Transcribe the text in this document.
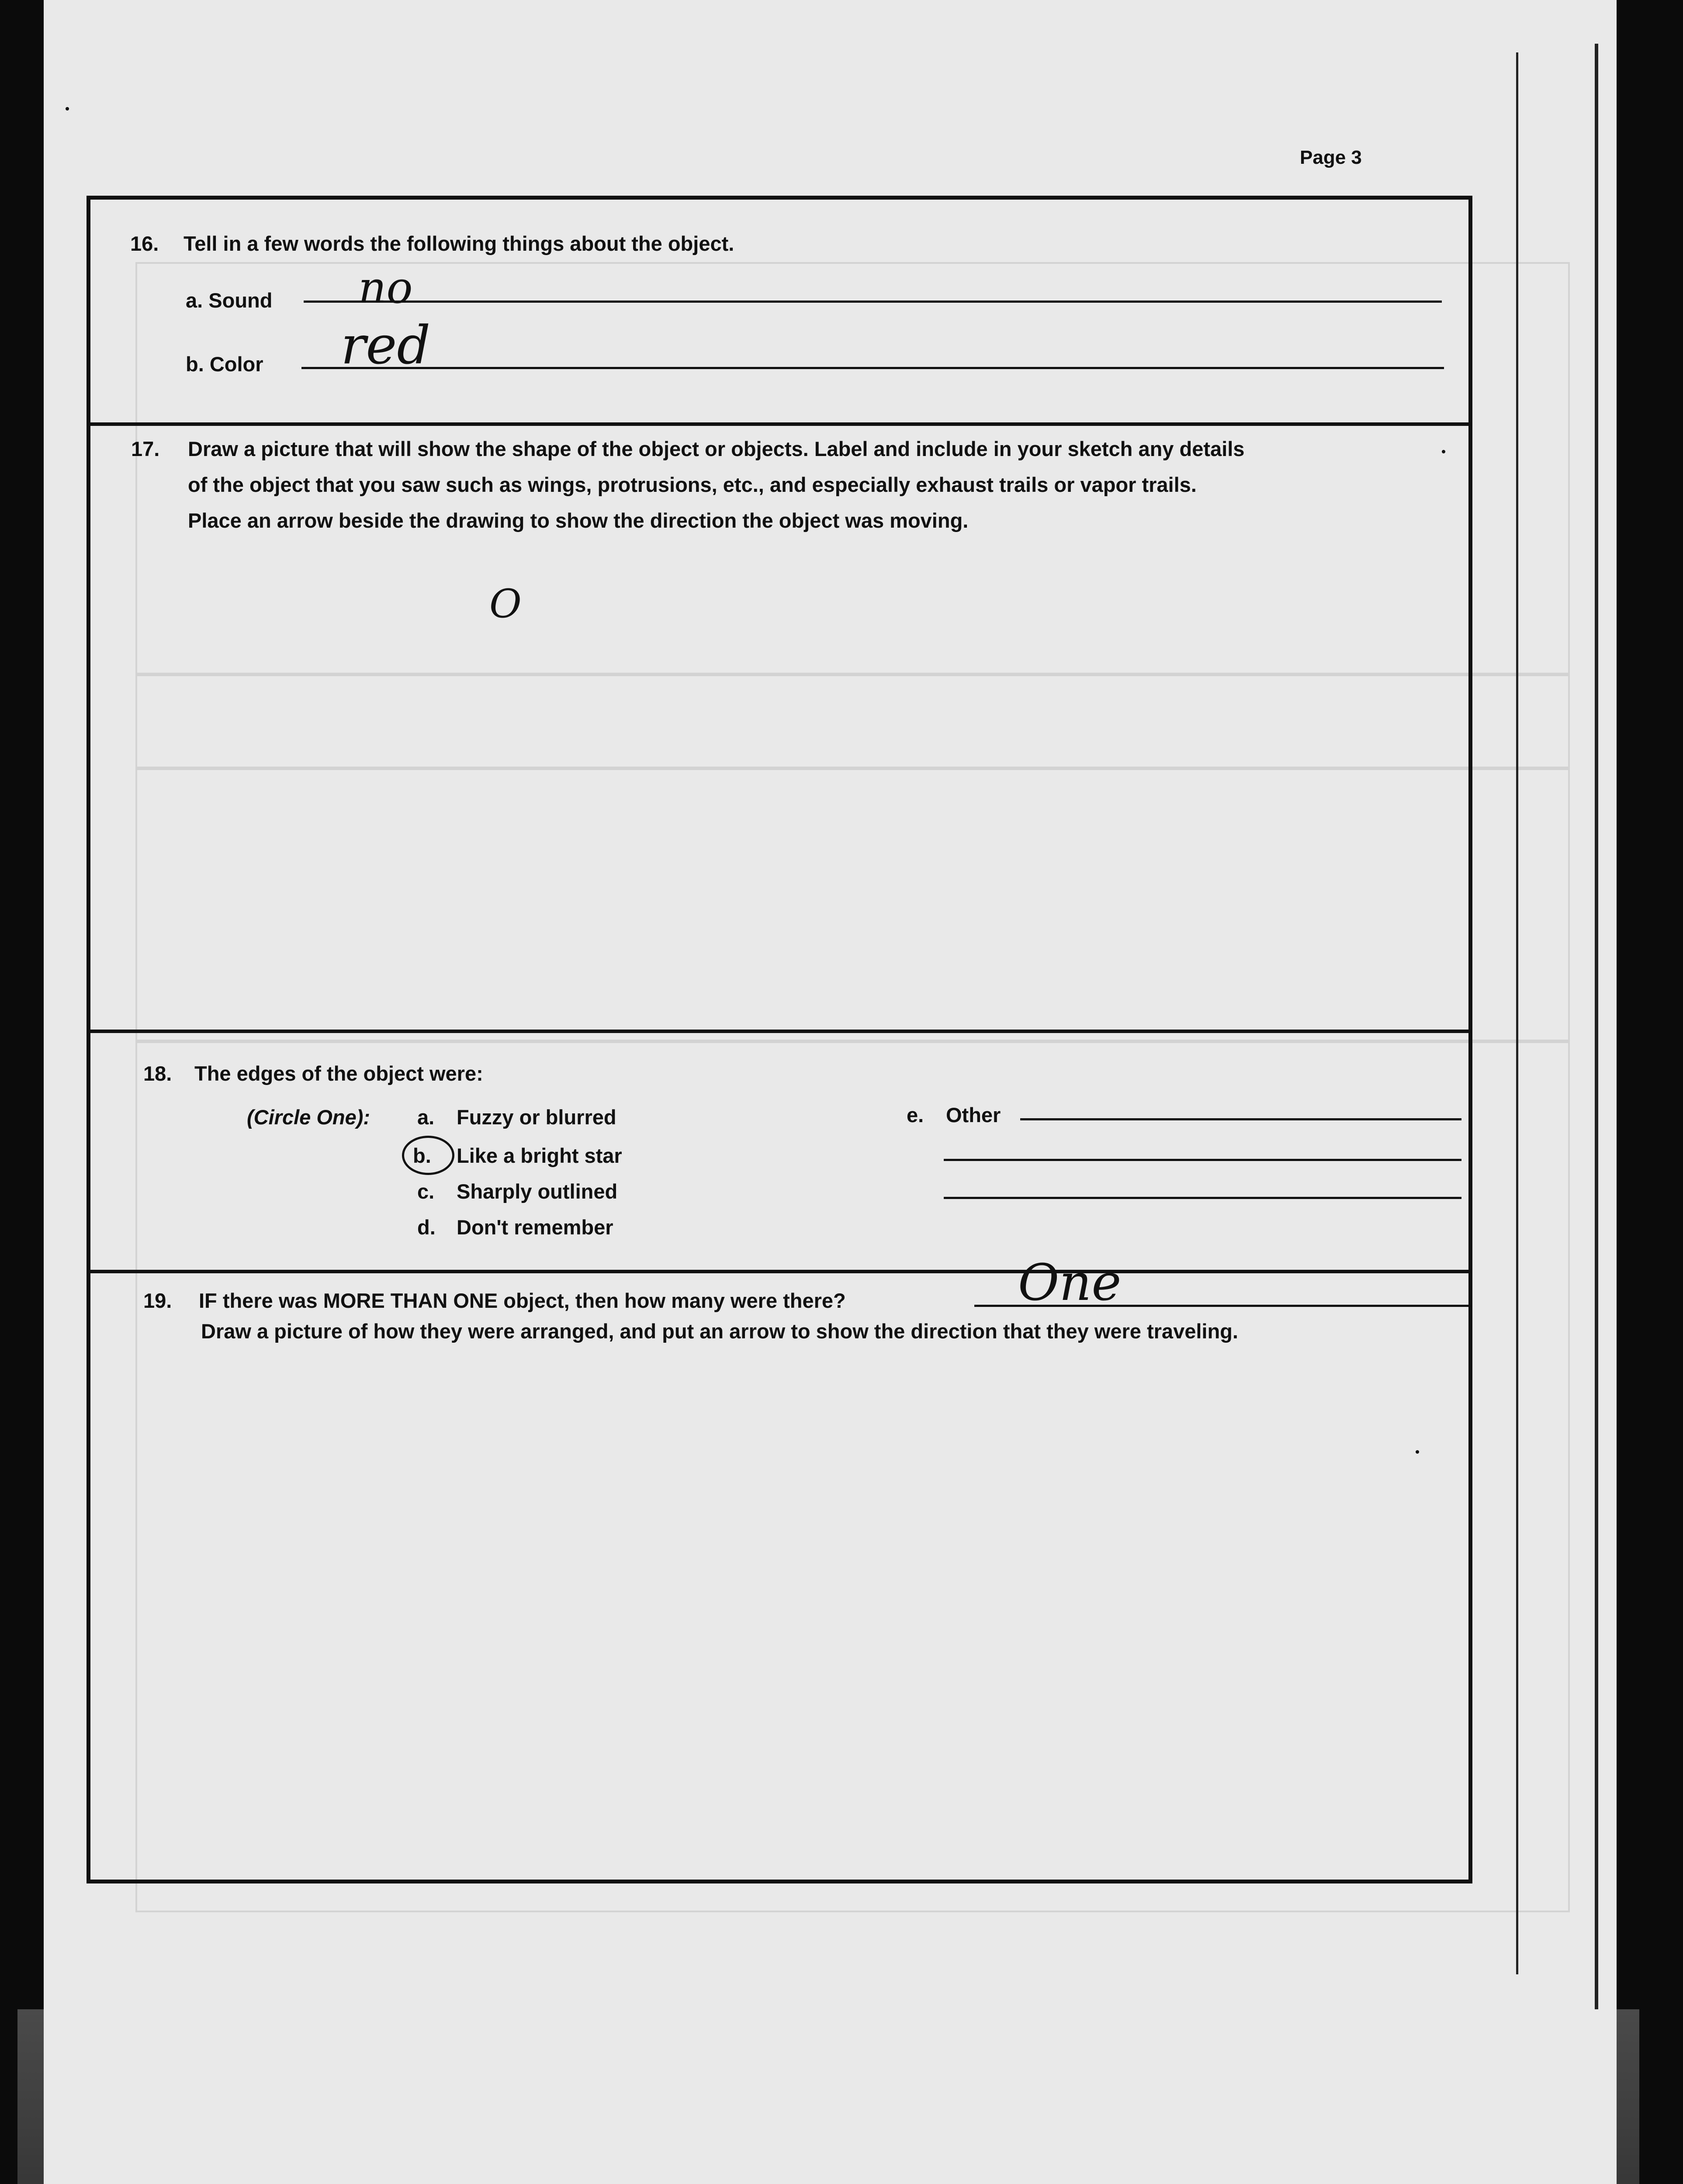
Page 3
16. Tell in a few words the following things about the object.
a. Sound no
b. Color red
17. Draw a picture that will show the shape of the object or objects. Label and include in your sketch any details
of the object that you saw such as wings, protrusions, etc., and especially exhaust trails or vapor trails.
Place an arrow beside the drawing to show the direction the object was moving.
O
18. The edges of the object were:
(Circle One): a. Fuzzy or blurred
b. Like a bright star
c. Sharply outlined
d. Don't remember
e. Other
19. IF there was MORE THAN ONE object, then how many were there?	One
Draw a picture of how they were arranged, and put an arrow to show the direction that they were traveling.
